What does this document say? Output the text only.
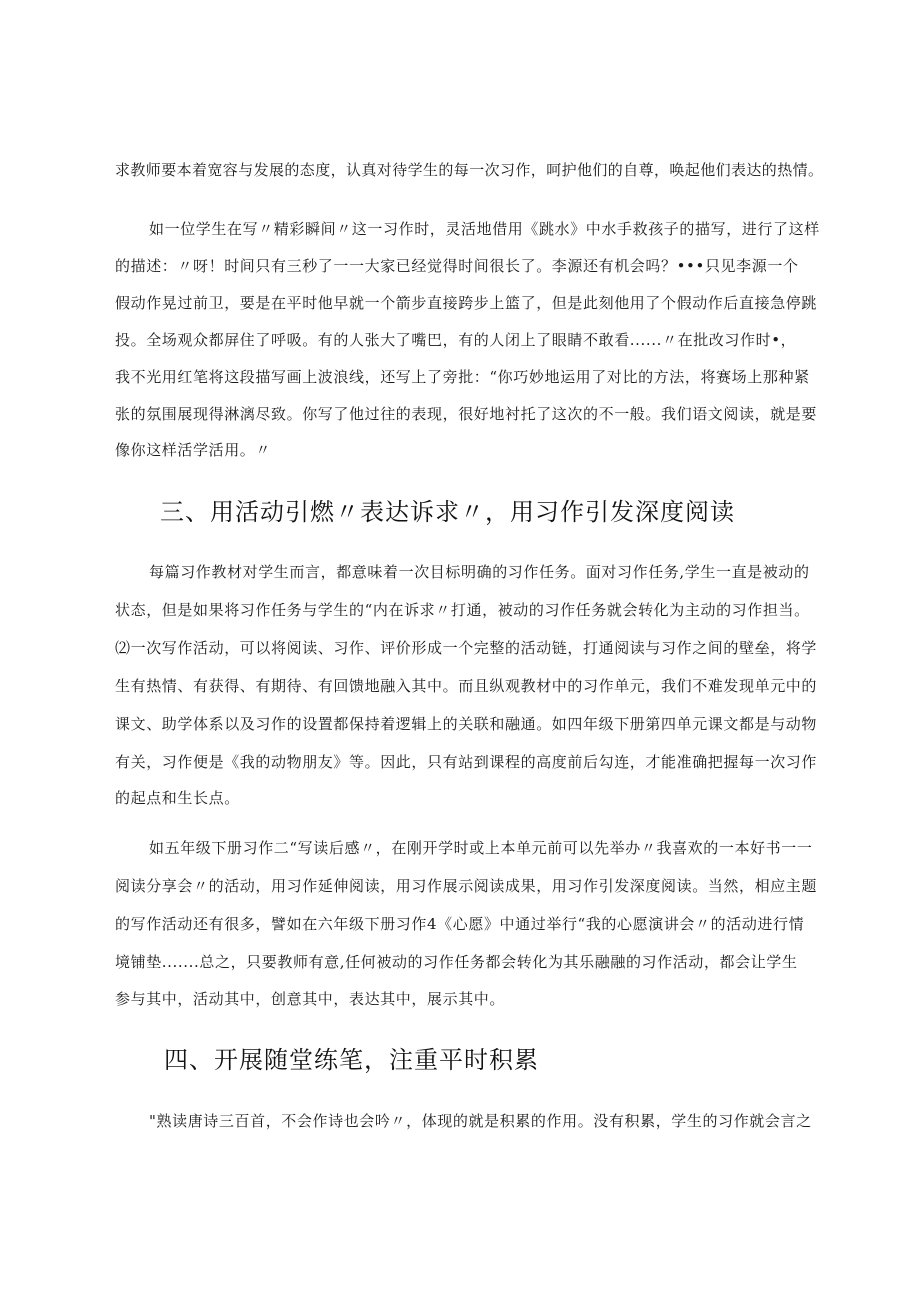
求教师要本着宽容与发展的态度，认真对待学生的每一次习作，呵护他们的自尊，唤起他们表达的热情。
如一位学生在写〃精彩瞬间〃这一习作时，灵活地借用《跳水》中水手救孩子的描写，进行了这样
的描述：〃呀！时间只有三秒了一一大家已经觉得时间很长了。李源还有机会吗？•••只见李源一个
假动作晃过前卫，要是在平时他早就一个箭步直接跨步上篮了，但是此刻他用了个假动作后直接急停跳
投。全场观众都屏住了呼吸。有的人张大了嘴巴，有的人闭上了眼睛不敢看......〃在批改习作时•，
我不光用红笔将这段描写画上波浪线，还写上了旁批：“你巧妙地运用了对比的方法，将赛场上那种紧
张的氛围展现得淋漓尽致。你写了他过往的表现，很好地衬托了这次的不一般。我们语文阅读，就是要
像你这样活学活用。〃
三、用活动引燃〃表达诉求〃，用习作引发深度阅读
每篇习作教材对学生而言，都意味着一次目标明确的习作任务。面对习作任务,学生一直是被动的
状态，但是如果将习作任务与学生的“内在诉求〃打通，被动的习作任务就会转化为主动的习作担当。
⑵一次写作活动，可以将阅读、习作、评价形成一个完整的活动链，打通阅读与习作之间的壁垒，将学
生有热情、有获得、有期待、有回馈地融入其中。而且纵观教材中的习作单元，我们不难发现单元中的
课文、助学体系以及习作的设置都保持着逻辑上的关联和融通。如四年级下册第四单元课文都是与动物
有关，习作便是《我的动物朋友》等。因此，只有站到课程的高度前后勾连，才能准确把握每一次习作
的起点和生长点。
如五年级下册习作二“写读后感〃，在刚开学时或上本单元前可以先举办〃我喜欢的一本好书一一
阅读分享会〃的活动，用习作延伸阅读，用习作展示阅读成果，用习作引发深度阅读。当然，相应主题
的写作活动还有很多，譬如在六年级下册习作4《心愿》中通过举行“我的心愿演讲会〃的活动进行情
境铺垫.......总之，只要教师有意,任何被动的习作任务都会转化为其乐融融的习作活动，都会让学生
参与其中，活动其中，创意其中，表达其中，展示其中。
四、开展随堂练笔，注重平时积累
"熟读唐诗三百首，不会作诗也会吟〃，体现的就是积累的作用。没有积累，学生的习作就会言之
